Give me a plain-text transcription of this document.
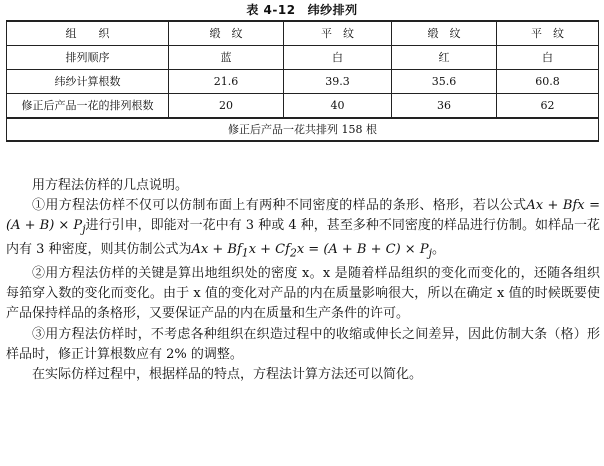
表 4-12 纬纱排列
组　　织	缎　纹	平　纹	缎　纹	平　纹
排列顺序	蓝	白	红	白
纬纱计算根数	21.6	39.3	35.6	60.8
修正后产品一花的排列根数	20	40	36	62
修正后产品一花共排列 158 根				

用方程法仿样的几点说明。

①用方程法仿样不仅可以仿制布面上有两种不同密度的样品的条形、格形，若以公式Ax + Bfx = $(A + B) \times P_j$进行引申，即能对一花中有 3 种或 4 种，甚至多种不同密度的样品进行仿制。如样品一花内有 3 种密度，则其仿制公式为$Ax + Bf_1x + Cf_2x = (A + B + C) \times P_j$。

②用方程法仿样的关键是算出地组织处的密度 x。x 是随着样品组织的变化而变化的，还随各组织每筘穿入数的变化而变化。由于 x 值的变化对产品的内在质量影响很大，所以在确定 x 值的时候既要使产品保持样品的条格形，又要保证产品的内在质量和生产条件的许可。

③用方程法仿样时，不考虑各种组织在织造过程中的收缩或伸长之间差异，因此仿制大条（格）形样品时，修正计算根数应有 2% 的调整。

在实际仿样过程中，根据样品的特点，方程法计算方法还可以简化。
